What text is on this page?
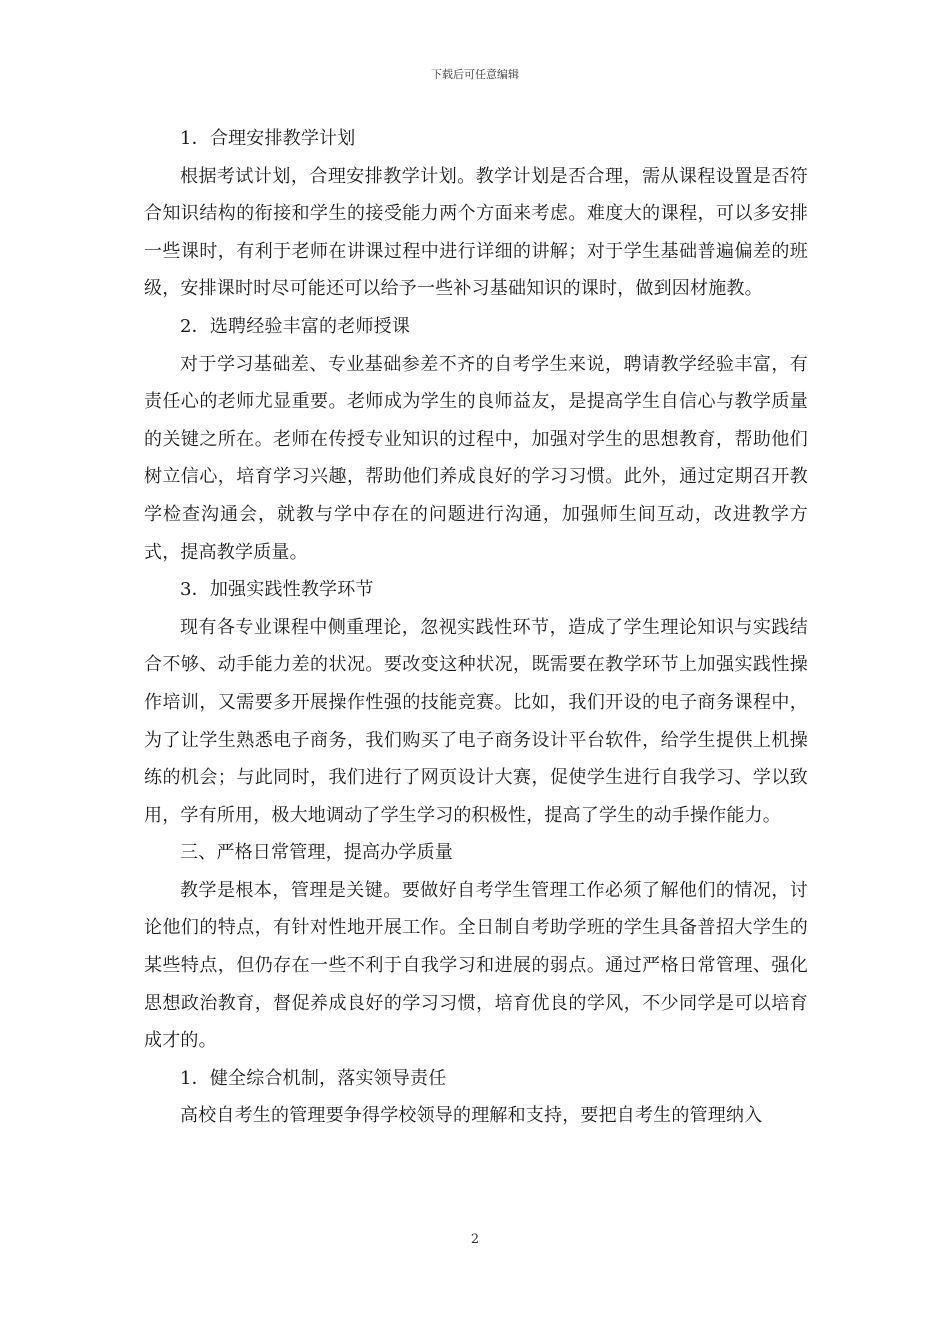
下载后可任意编辑

1．合理安排教学计划

根据考试计划，合理安排教学计划。教学计划是否合理，需从课程设置是否符合知识结构的衔接和学生的接受能力两个方面来考虑。难度大的课程，可以多安排一些课时，有利于老师在讲课过程中进行详细的讲解；对于学生基础普遍偏差的班级，安排课时时尽可能还可以给予一些补习基础知识的课时，做到因材施教。

2．选聘经验丰富的老师授课

对于学习基础差、专业基础参差不齐的自考学生来说，聘请教学经验丰富，有责任心的老师尤显重要。老师成为学生的良师益友，是提高学生自信心与教学质量的关键之所在。老师在传授专业知识的过程中，加强对学生的思想教育，帮助他们树立信心，培育学习兴趣，帮助他们养成良好的学习习惯。此外，通过定期召开教学检查沟通会，就教与学中存在的问题进行沟通，加强师生间互动，改进教学方式，提高教学质量。

3．加强实践性教学环节

现有各专业课程中侧重理论，忽视实践性环节，造成了学生理论知识与实践结合不够、动手能力差的状况。要改变这种状况，既需要在教学环节上加强实践性操作培训，又需要多开展操作性强的技能竞赛。比如，我们开设的电子商务课程中，为了让学生熟悉电子商务，我们购买了电子商务设计平台软件，给学生提供上机操练的机会；与此同时，我们进行了网页设计大赛，促使学生进行自我学习、学以致用，学有所用，极大地调动了学生学习的积极性，提高了学生的动手操作能力。

三、严格日常管理，提高办学质量

教学是根本，管理是关键。要做好自考学生管理工作必须了解他们的情况，讨论他们的特点，有针对性地开展工作。全日制自考助学班的学生具备普招大学生的某些特点，但仍存在一些不利于自我学习和进展的弱点。通过严格日常管理、强化思想政治教育，督促养成良好的学习习惯，培育优良的学风，不少同学是可以培育成才的。

1．健全综合机制，落实领导责任

高校自考生的管理要争得学校领导的理解和支持，要把自考生的管理纳入

2
